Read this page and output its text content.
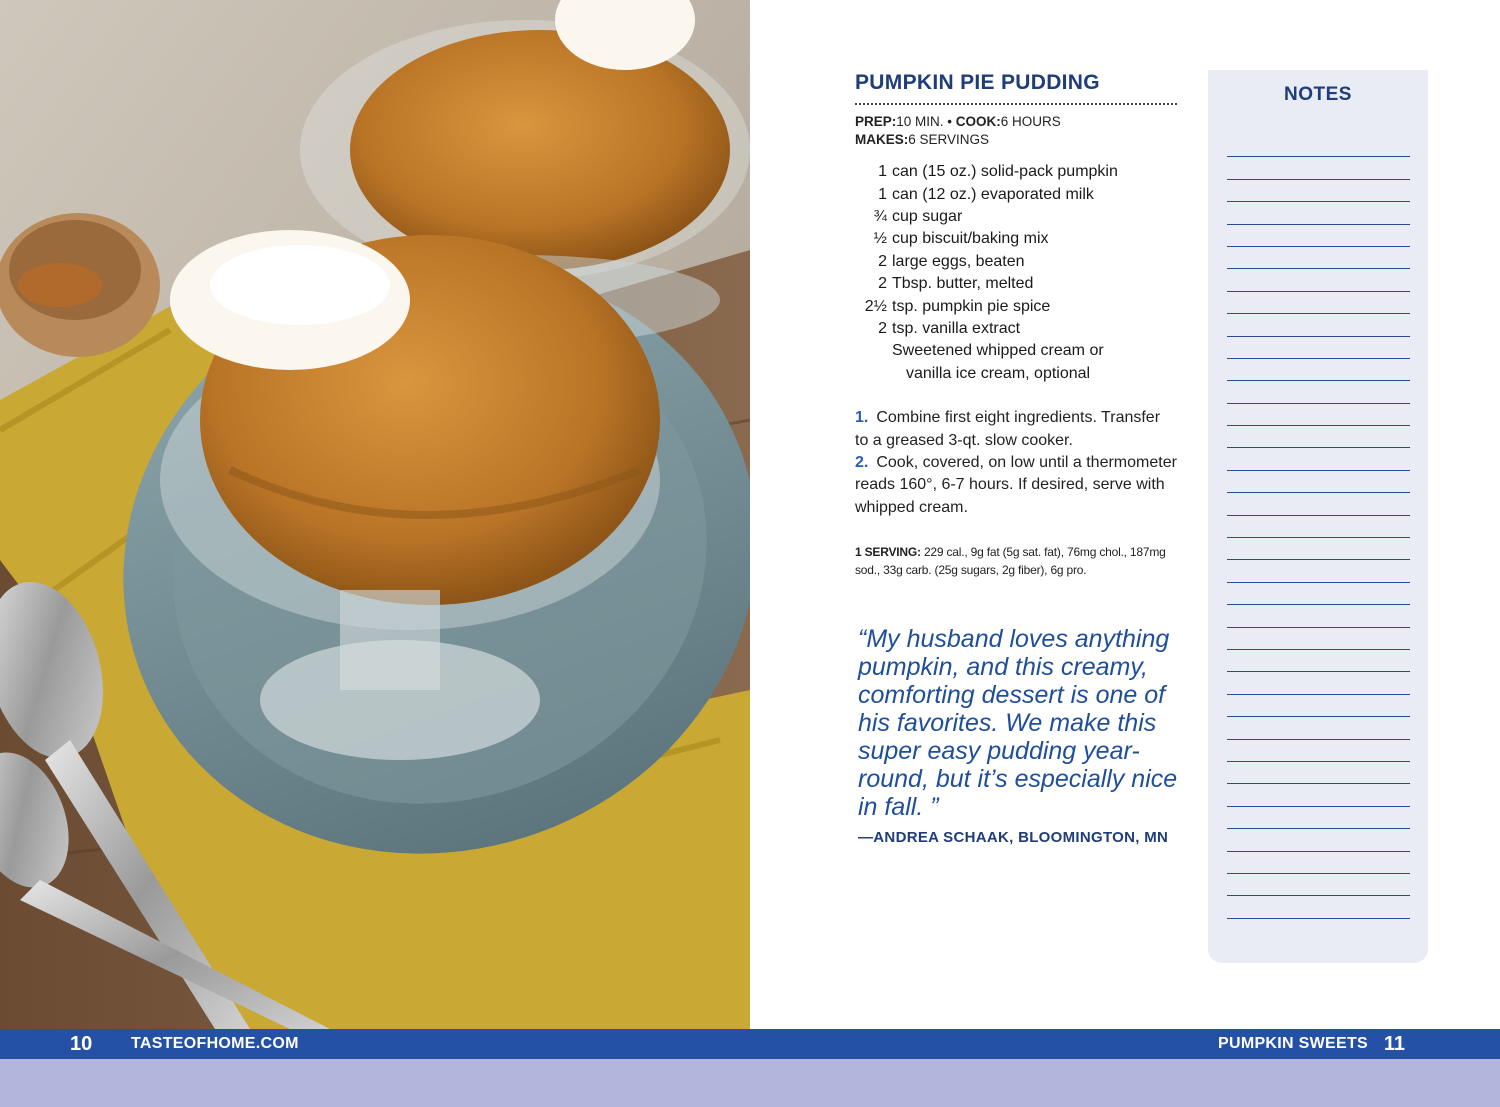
PUMPKIN PIE PUDDING
PREP:10 MIN. • COOK:6 HOURS
MAKES:6 SERVINGS
1 can (15 oz.) solid-pack pumpkin
1 can (12 oz.) evaporated milk
¾ cup sugar
½ cup biscuit/baking mix
2 large eggs, beaten
2 Tbsp. butter, melted
2½ tsp. pumpkin pie spice
2 tsp. vanilla extract
Sweetened whipped cream or
vanilla ice cream, optional

1. Combine first eight ingredients. Transfer to a greased 3-qt. slow cooker.

2. Cook, covered, on low until a thermometer reads 160°, 6-7 hours. If desired, serve with whipped cream.

1 SERVING: 229 cal., 9g fat (5g sat. fat), 76mg chol., 187mg sod., 33g carb. (25g sugars, 2g fiber), 6g pro.
“My husband loves anything pumpkin, and this creamy, comforting dessert is one of his favorites. We make this super easy pudding year-round, but it’s especially nice in fall. ”
—ANDREA SCHAAK, BLOOMINGTON, MN
NOTES
10 TASTEOFHOME.COM	PUMPKIN SWEETS 11
